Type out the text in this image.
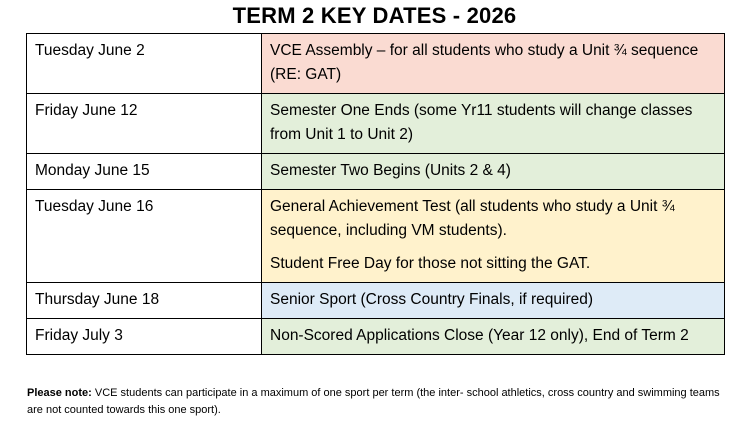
TERM 2 KEY DATES - 2026
Tuesday June 2	VCE Assembly – for all students who study a Unit ¾ sequence (RE: GAT)

Friday June 12	Semester One Ends (some Yr11 students will change classes from Unit 1 to Unit 2)

Monday June 15	Semester Two Begins (Units 2 & 4)

Tuesday June 16	General Achievement Test (all students who study a Unit ¾ sequence, including VM students).

Student Free Day for those not sitting the GAT.

Thursday June 18	Senior Sport (Cross Country Finals, if required)

Friday July 3	Non-Scored Applications Close (Year 12 only), End of Term 2

Please note: VCE students can participate in a maximum of one sport per term (the inter- school athletics, cross country and swimming teams are not counted towards this one sport).
